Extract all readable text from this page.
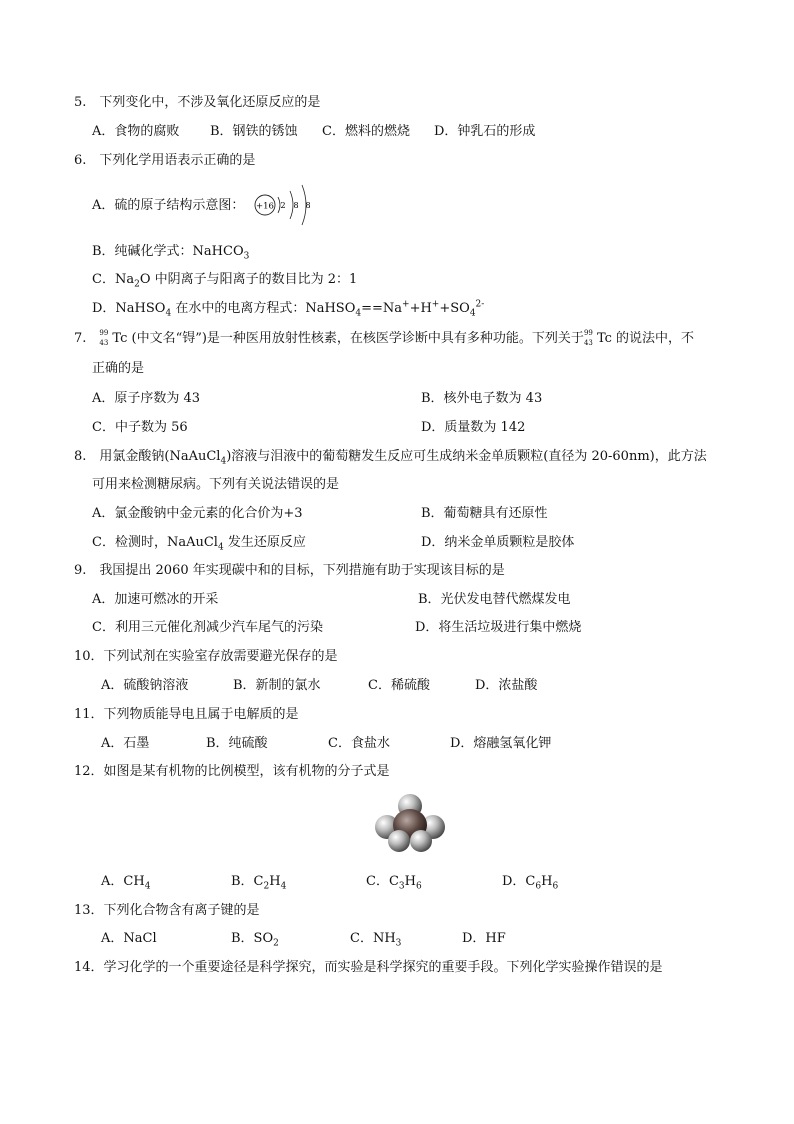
5.　下列变化中，不涉及氧化还原反应的是
A．食物的腐败 B．钢铁的锈蚀 C．燃料的燃烧 D．钟乳石的形成
6.　下列化学用语表示正确的是
A．硫的原子结构示意图： +16 2 8 8
B．纯碱化学式：NaHCO$_3$
C．$Na_2O$ 中阴离子与阳离子的数目比为 2：1
D．NaHSO$_4$ 在水中的电离方程式：$NaHSO_4==Na^++H^++SO_4^{2-}$
7.　 99
43 Tc (中文名“锝”)是一种医用放射性核素，在核医学诊断中具有多种功能。下列关于 99
43 Tc 的说法中，不
正确的是
A．原子序数为 43	B．核外电子数为 43
C．中子数为 56	D．质量数为 142
8.　用氯金酸钠(NaAuCl$_4$)溶液与泪液中的葡萄糖发生反应可生成纳米金单质颗粒(直径为 20-60nm)，此方法
可用来检测糖尿病。下列有关说法错误的是
A．氯金酸钠中金元素的化合价为+3	B．葡萄糖具有还原性
C．检测时，NaAuCl$_4$ 发生还原反应	D．纳米金单质颗粒是胶体
9.　我国提出 2060 年实现碳中和的目标，下列措施有助于实现该目标的是
A．加速可燃冰的开采	B．光伏发电替代燃煤发电
C．利用三元催化剂减少汽车尾气的污染	D．将生活垃圾进行集中燃烧
10．下列试剂在实验室存放需要避光保存的是
A．硫酸钠溶液	B．新制的氯水	C．稀硫酸	D．浓盐酸
11．下列物质能导电且属于电解质的是
A．石墨	B．纯硫酸	C．食盐水	D．熔融氢氧化钾
12．如图是某有机物的比例模型，该有机物的分子式是
A．$CH_4$	B．$C_2H_4$	C．$C_3H_6$	D．$C_6H_6$
13．下列化合物含有离子键的是
A．NaCl	B．$SO_2$	C．$NH_3$	D．HF
14．学习化学的一个重要途径是科学探究，而实验是科学探究的重要手段。下列化学实验操作错误的是
